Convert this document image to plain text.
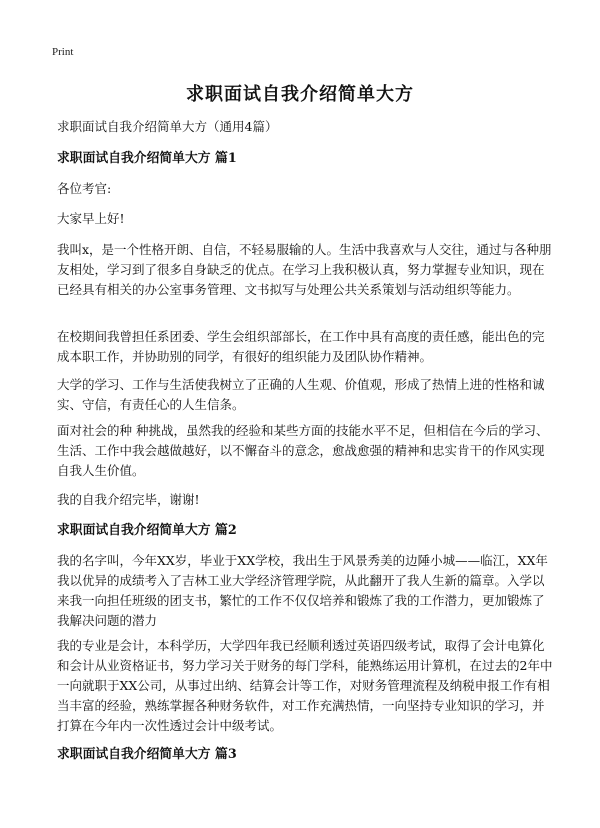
Print
求职面试自我介绍简单大方

求职面试自我介绍简单大方（通用4篇）

求职面试自我介绍简单大方 篇1

各位考官:

大家早上好!

我叫x，是一个性格开朗、自信，不轻易服输的人。生活中我喜欢与人交往，通过与各种朋友相处，学习到了很多自身缺乏的优点。在学习上我积极认真，努力掌握专业知识，现在已经具有相关的办公室事务管理、文书拟写与处理公共关系策划与活动组织等能力。

在校期间我曾担任系团委、学生会组织部部长，在工作中具有高度的责任感，能出色的完成本职工作，并协助别的同学，有很好的组织能力及团队协作精神。

大学的学习、工作与生活使我树立了正确的人生观、价值观，形成了热情上进的性格和诚实、守信，有责任心的人生信条。

面对社会的种 种挑战，虽然我的经验和某些方面的技能水平不足，但相信在今后的学习、生活、工作中我会越做越好，以不懈奋斗的意念，愈战愈强的精神和忠实肯干的作风实现自我人生价值。

我的自我介绍完毕，谢谢!

求职面试自我介绍简单大方 篇2

我的名字叫，今年XX岁，毕业于XX学校，我出生于风景秀美的边陲小城——临江，XX年我以优异的成绩考入了吉林工业大学经济管理学院，从此翻开了我人生新的篇章。入学以来我一向担任班级的团支书，繁忙的工作不仅仅培养和锻炼了我的工作潜力，更加锻炼了我解决问题的潜力

我的专业是会计，本科学历，大学四年我已经顺利透过英语四级考试，取得了会计电算化和会计从业资格证书，努力学习关于财务的每门学科，能熟练运用计算机，在过去的2年中一向就职于XX公司，从事过出纳、结算会计等工作，对财务管理流程及纳税申报工作有相当丰富的经验，熟练掌握各种财务软件，对工作充满热情，一向坚持专业知识的学习，并打算在今年内一次性透过会计中级考试。

求职面试自我介绍简单大方 篇3
